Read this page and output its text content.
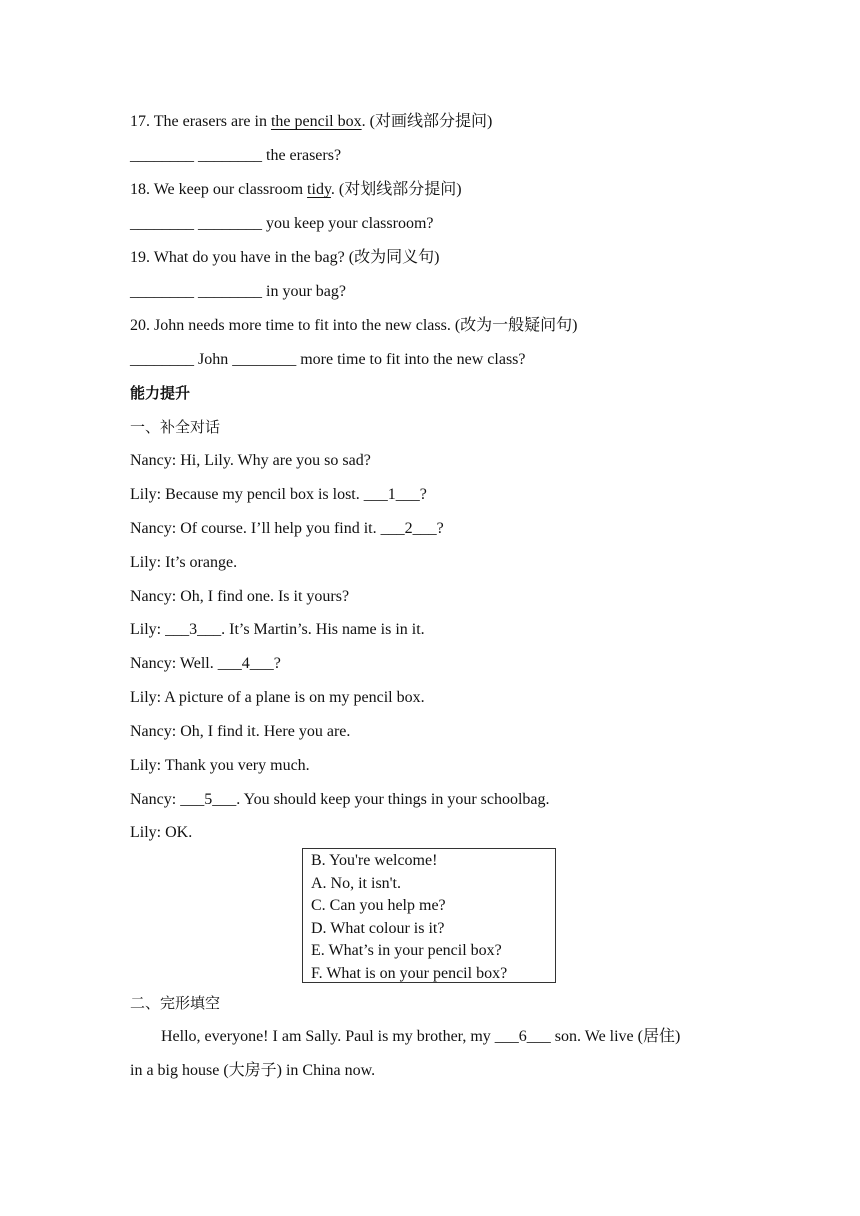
17. The erasers are in the pencil box. (对画线部分提问)
________ ________ the erasers?
18. We keep our classroom tidy. (对划线部分提问)
________ ________ you keep your classroom?
19. What do you have in the bag? (改为同义句)
________ ________ in your bag?
20. John needs more time to fit into the new class. (改为一般疑问句)
________ John ________ more time to fit into the new class?
能力提升
一、补全对话
Nancy: Hi, Lily. Why are you so sad?
Lily: Because my pencil box is lost. ___1___?
Nancy: Of course. I’ll help you find it. ___2___?
Lily: It’s orange.
Nancy: Oh, I find one. Is it yours?
Lily: ___3___. It’s Martin’s. His name is in it.
Nancy: Well. ___4___?
Lily: A picture of a plane is on my pencil box.
Nancy: Oh, I find it. Here you are.
Lily: Thank you very much.
Nancy: ___5___. You should keep your things in your schoolbag.
Lily: OK.
B. You're welcome!
A. No, it isn't.
C. Can you help me?
D. What colour is it?
E. What’s in your pencil box?
F. What is on your pencil box?
二、完形填空
Hello, everyone! I am Sally. Paul is my brother, my ___6___ son. We live (居住)
in a big house (大房子) in China now.
